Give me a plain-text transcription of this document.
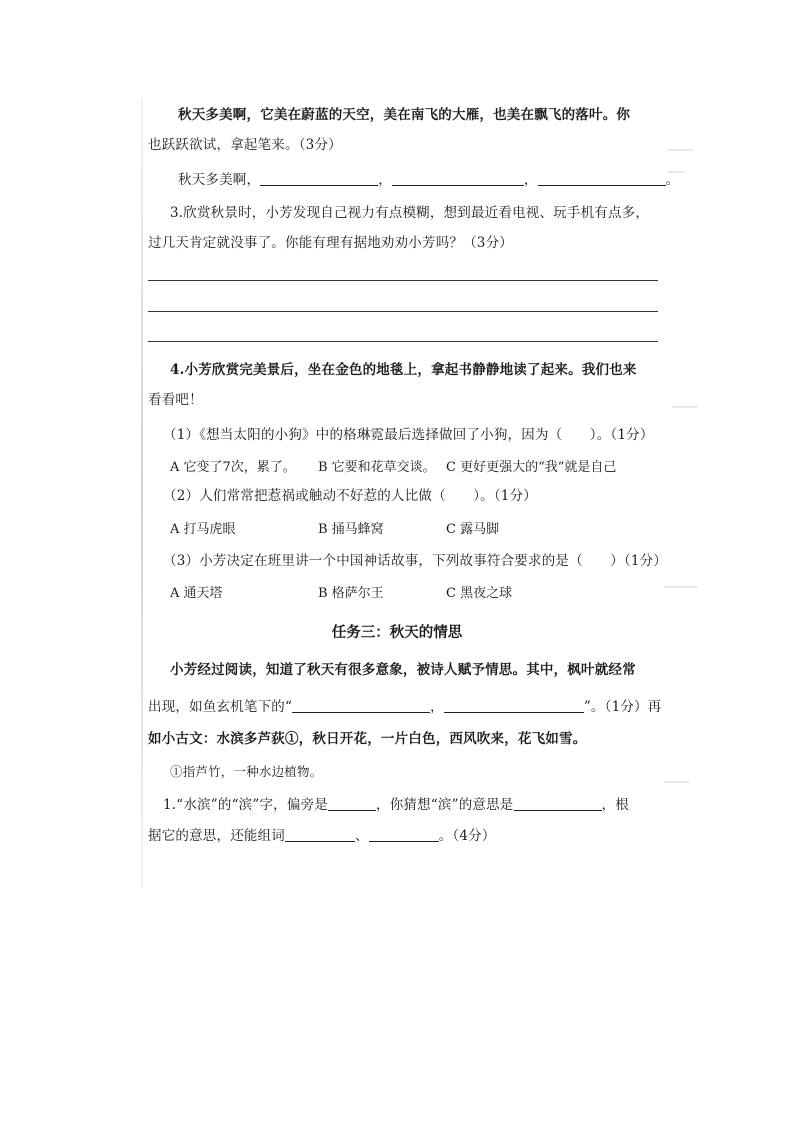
▁▁▁
▁▁
▁▁▁
▁▁▁▁
▁▁▁
秋天多美啊，它美在蔚蓝的天空，美在南飞的大雁，也美在飘飞的落叶。你
也跃跃欲试，拿起笔来。（3分）
秋天多美啊，	，	，	。
3.欣赏秋景时，小芳发现自己视力有点模糊，想到最近看电视、玩手机有点多，
过几天肯定就没事了。你能有理有据地劝劝小芳吗？（3分）
4.小芳欣赏完美景后，坐在金色的地毯上，拿起书静静地读了起来。我们也来
看看吧！
（1）《想当太阳的小狗》中的格琳霓最后选择做回了小狗，因为（　　）。（1分）
A 它变了7次，累了。 B 它要和花草交谈。 C 更好更强大的“我”就是自己
（2）人们常常把惹祸或触动不好惹的人比做（　　）。（1分）
A 打马虎眼	B 捅马蜂窝	C 露马脚
（3）小芳决定在班里讲一个中国神话故事，下列故事符合要求的是（　　）（1分）
A 通天塔	B 格萨尔王	C 黑夜之球
任务三：秋天的情思
小芳经过阅读，知道了秋天有很多意象，被诗人赋予情思。其中，枫叶就经常
出现，如鱼玄机笔下的“	，	”。（1分）再
如小古文：水滨多芦荻①，秋日开花，一片白色，西风吹来，花飞如雪。
①指芦竹，一种水边植物。
1.“水滨”的“滨”字，偏旁是	，你猜想“滨”的意思是	，根
据它的意思，还能组词	、	。（4分）
